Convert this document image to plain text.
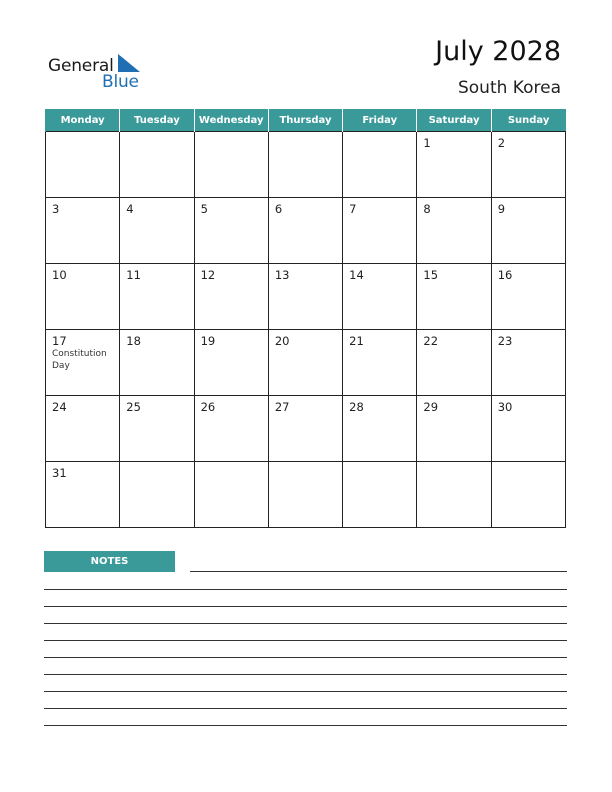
General
Blue
July 2028
South Korea
Monday	Tuesday	Wednesday	Thursday	Friday	Saturday	Sunday

					1	2

3	4	5	6	7	8	9

10	11	12	13	14	15	16

17
Constitution Day	18	19	20	21	22	23

24	25	26	27	28	29	30

31						

NOTES
